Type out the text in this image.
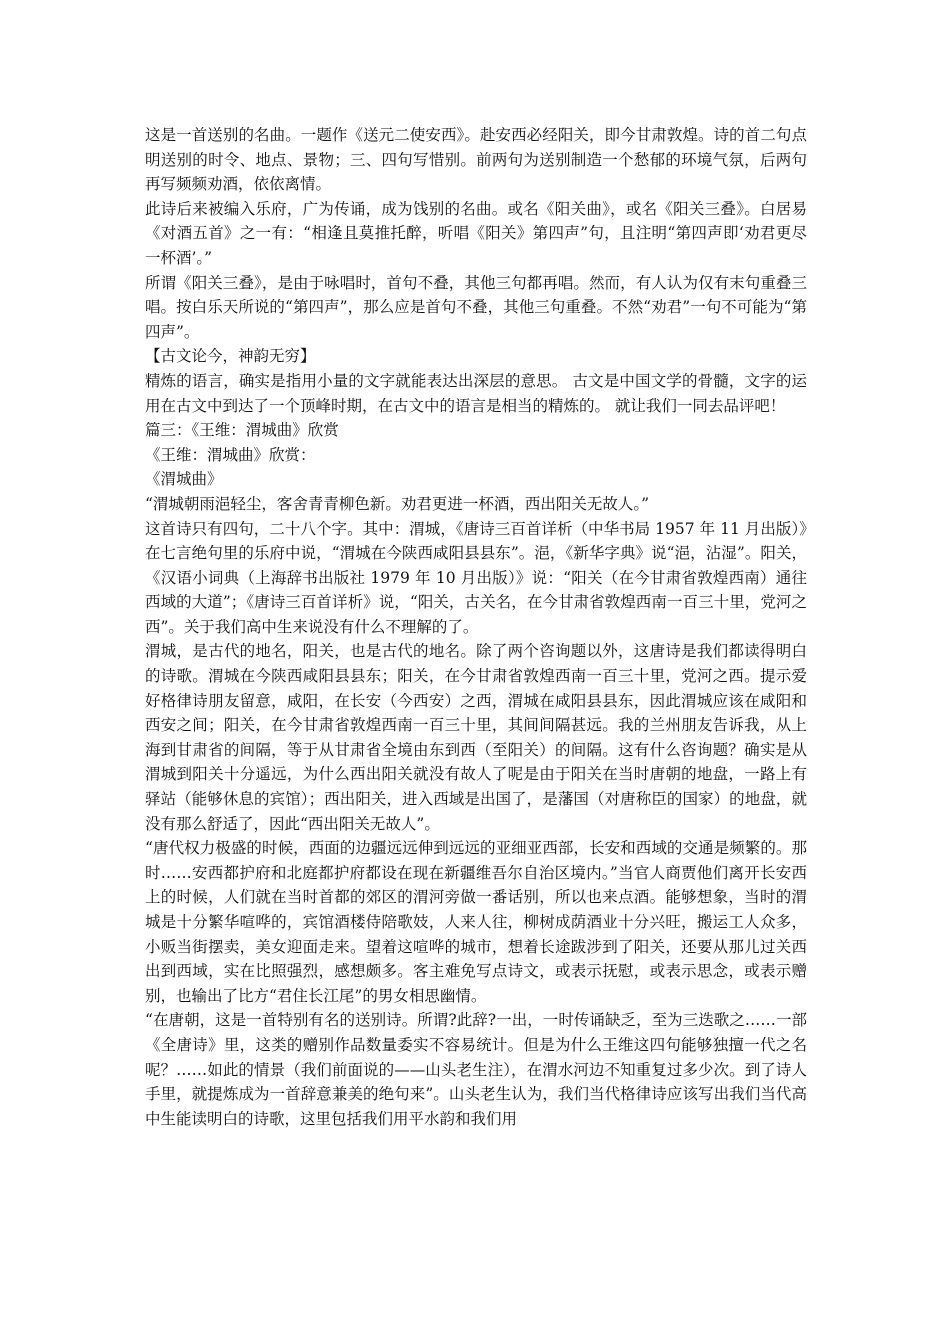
这是一首送别的名曲。一题作《送元二使安西》。赴安西必经阳关，即今甘肃敦煌。诗的首二句点明送别的时令、地点、景物；三、四句写惜别。前两句为送别制造一个愁郁的环境气氛，后两句再写频频劝酒，依依离情。

此诗后来被编入乐府，广为传诵，成为饯别的名曲。或名《阳关曲》，或名《阳关三叠》。白居易《对酒五首》之一有：“相逢且莫推托醉，听唱《阳关》第四声”句，且注明“第四声即‘劝君更尽一杯酒’。”

所谓《阳关三叠》，是由于咏唱时，首句不叠，其他三句都再唱。然而，有人认为仅有末句重叠三唱。按白乐天所说的“第四声”，那么应是首句不叠，其他三句重叠。不然“劝君”一句不可能为“第四声”。

【古文论今，神韵无穷】

精炼的语言，确实是指用小量的文字就能表达出深层的意思。 古文是中国文学的骨髓，文字的运用在古文中到达了一个顶峰时期，在古文中的语言是相当的精炼的。 就让我们一同去品评吧！

篇三：《王维：渭城曲》欣赏

《王维：渭城曲》欣赏：

《渭城曲》

“渭城朝雨浥轻尘，客舍青青柳色新。劝君更进一杯酒，西出阳关无故人。”

这首诗只有四句，二十八个字。其中：渭城，《唐诗三百首详析（中华书局 1957 年 11 月出版）》在七言绝句里的乐府中说，“渭城在今陕西咸阳县县东”。浥，《新华字典》说“浥，沾湿”。阳关，《汉语小词典（上海辞书出版社 1979 年 10 月出版）》说：“阳关（在今甘肃省敦煌西南）通往西域的大道”；《唐诗三百首详析》说，“阳关，古关名，在今甘肃省敦煌西南一百三十里，党河之西”。关于我们高中生来说没有什么不理解的了。

渭城，是古代的地名，阳关，也是古代的地名。除了两个咨询题以外，这唐诗是我们都读得明白的诗歌。渭城在今陕西咸阳县县东；阳关，在今甘肃省敦煌西南一百三十里，党河之西。提示爱好格律诗朋友留意，咸阳，在长安（今西安）之西，渭城在咸阳县县东，因此渭城应该在咸阳和西安之间；阳关，在今甘肃省敦煌西南一百三十里，其间间隔甚远。我的兰州朋友告诉我，从上海到甘肃省的间隔，等于从甘肃省全境由东到西（至阳关）的间隔。这有什么咨询题？确实是从渭城到阳关十分遥远，为什么西出阳关就没有故人了呢是由于阳关在当时唐朝的地盘，一路上有驿站（能够休息的宾馆）；西出阳关，进入西域是出国了，是藩国（对唐称臣的国家）的地盘，就没有那么舒适了，因此“西出阳关无故人”。

“唐代权力极盛的时候，西面的边疆远远伸到远远的亚细亚西部，长安和西域的交通是频繁的。那时……安西都护府和北庭都护府都设在现在新疆维吾尔自治区境内。”当官人商贾他们离开长安西上的时候，人们就在当时首都的郊区的渭河旁做一番话别，所以也来点酒。能够想象，当时的渭城是十分繁华喧哗的，宾馆酒楼侍陪歌妓，人来人往，柳树成荫酒业十分兴旺，搬运工人众多，小贩当街摆卖，美女迎面走来。望着这喧哗的城市，想着长途跋涉到了阳关，还要从那儿过关西出到西域，实在比照强烈，感想颇多。客主难免写点诗文，或表示抚慰，或表示思念，或表示赠别，也输出了比方“君住长江尾”的男女相思幽情。

“在唐朝，这是一首特别有名的送别诗。所谓?此辞?一出，一时传诵缺乏，至为三迭歌之……一部《全唐诗》里，这类的赠别作品数量委实不容易统计。但是为什么王维这四句能够独擅一代之名呢？……如此的情景（我们前面说的——山头老生注），在渭水河边不知重复过多少次。到了诗人手里，就提炼成为一首辞意兼美的绝句来”。山头老生认为，我们当代格律诗应该写出我们当代高中生能读明白的诗歌，这里包括我们用平水韵和我们用
